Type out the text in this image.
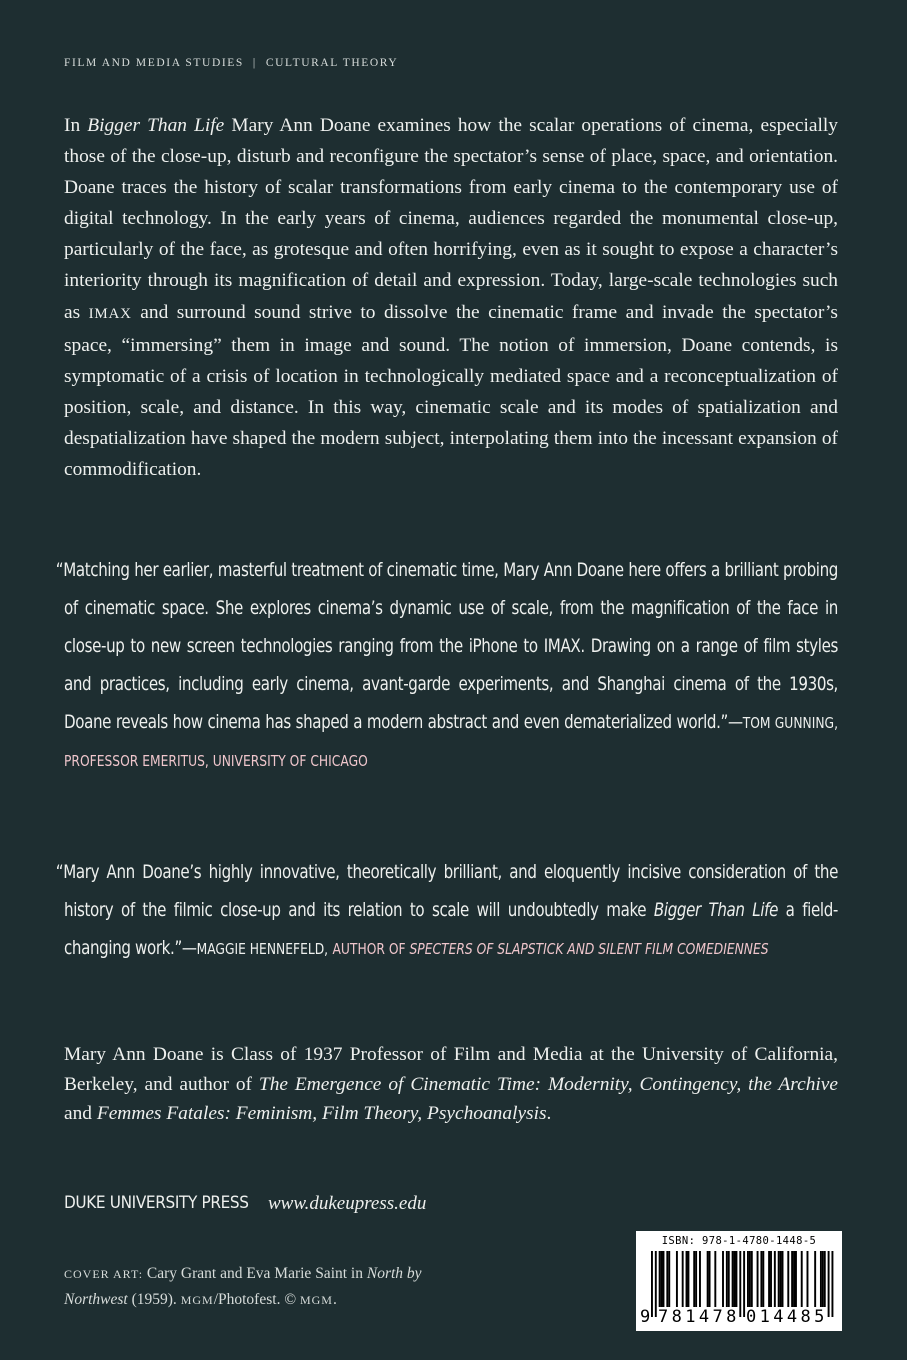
FILM AND MEDIA STUDIES | CULTURAL THEORY

In Bigger Than Life Mary Ann Doane examines how the scalar operations of cinema, especially those of the close-up, disturb and reconfigure the spectator’s sense of place, space, and orientation. Doane traces the history of scalar transformations from early cinema to the contemporary use of digital technology. In the early years of cinema, audiences regarded the monumental close-up, particularly of the face, as grotesque and often horrifying, even as it sought to expose a character’s interiority through its magnification of detail and expression. Today, large-scale technologies such as IMAX and surround sound strive to dissolve the cinematic frame and invade the spectator’s space, “immersing” them in image and sound. The notion of immersion, Doane contends, is symptomatic of a crisis of location in technologically mediated space and a reconceptualization of position, scale, and distance. In this way, cinematic scale and its modes of spatialization and despatialization have shaped the modern subject, interpolating them into the incessant expansion of commodification.

“Matching her earlier, masterful treatment of cinematic time, Mary Ann Doane here offers a brilliant probing of cinematic space. She explores cinema’s dynamic use of scale, from the magnification of the face in close-up to new screen technologies ranging from the iPhone to IMAX. Drawing on a range of film styles and practices, including early cinema, avant-garde experiments, and Shanghai cinema of the 1930s, Doane reveals how cinema has shaped a modern abstract and even dematerialized world.”—TOM GUNNING, PROFESSOR EMERITUS, UNIVERSITY OF CHICAGO

“Mary Ann Doane’s highly innovative, theoretically brilliant, and eloquently incisive consideration of the history of the filmic close-up and its relation to scale will undoubtedly make Bigger Than Life a field-changing work.”—MAGGIE HENNEFELD, AUTHOR OF SPECTERS OF SLAPSTICK AND SILENT FILM COMEDIENNES

Mary Ann Doane is Class of 1937 Professor of Film and Media at the University of California, Berkeley, and author of The Emergence of Cinematic Time: Modernity, Contingency, the Archive and Femmes Fatales: Feminism, Film Theory, Psychoanalysis.

DUKE UNIVERSITY PRESS www.dukeupress.edu

COVER ART: Cary Grant and Eva Marie Saint in North by Northwest (1959). MGM/Photofest. © MGM.

ISBN: 978-1-4780-1448-5
9 781478 014485
